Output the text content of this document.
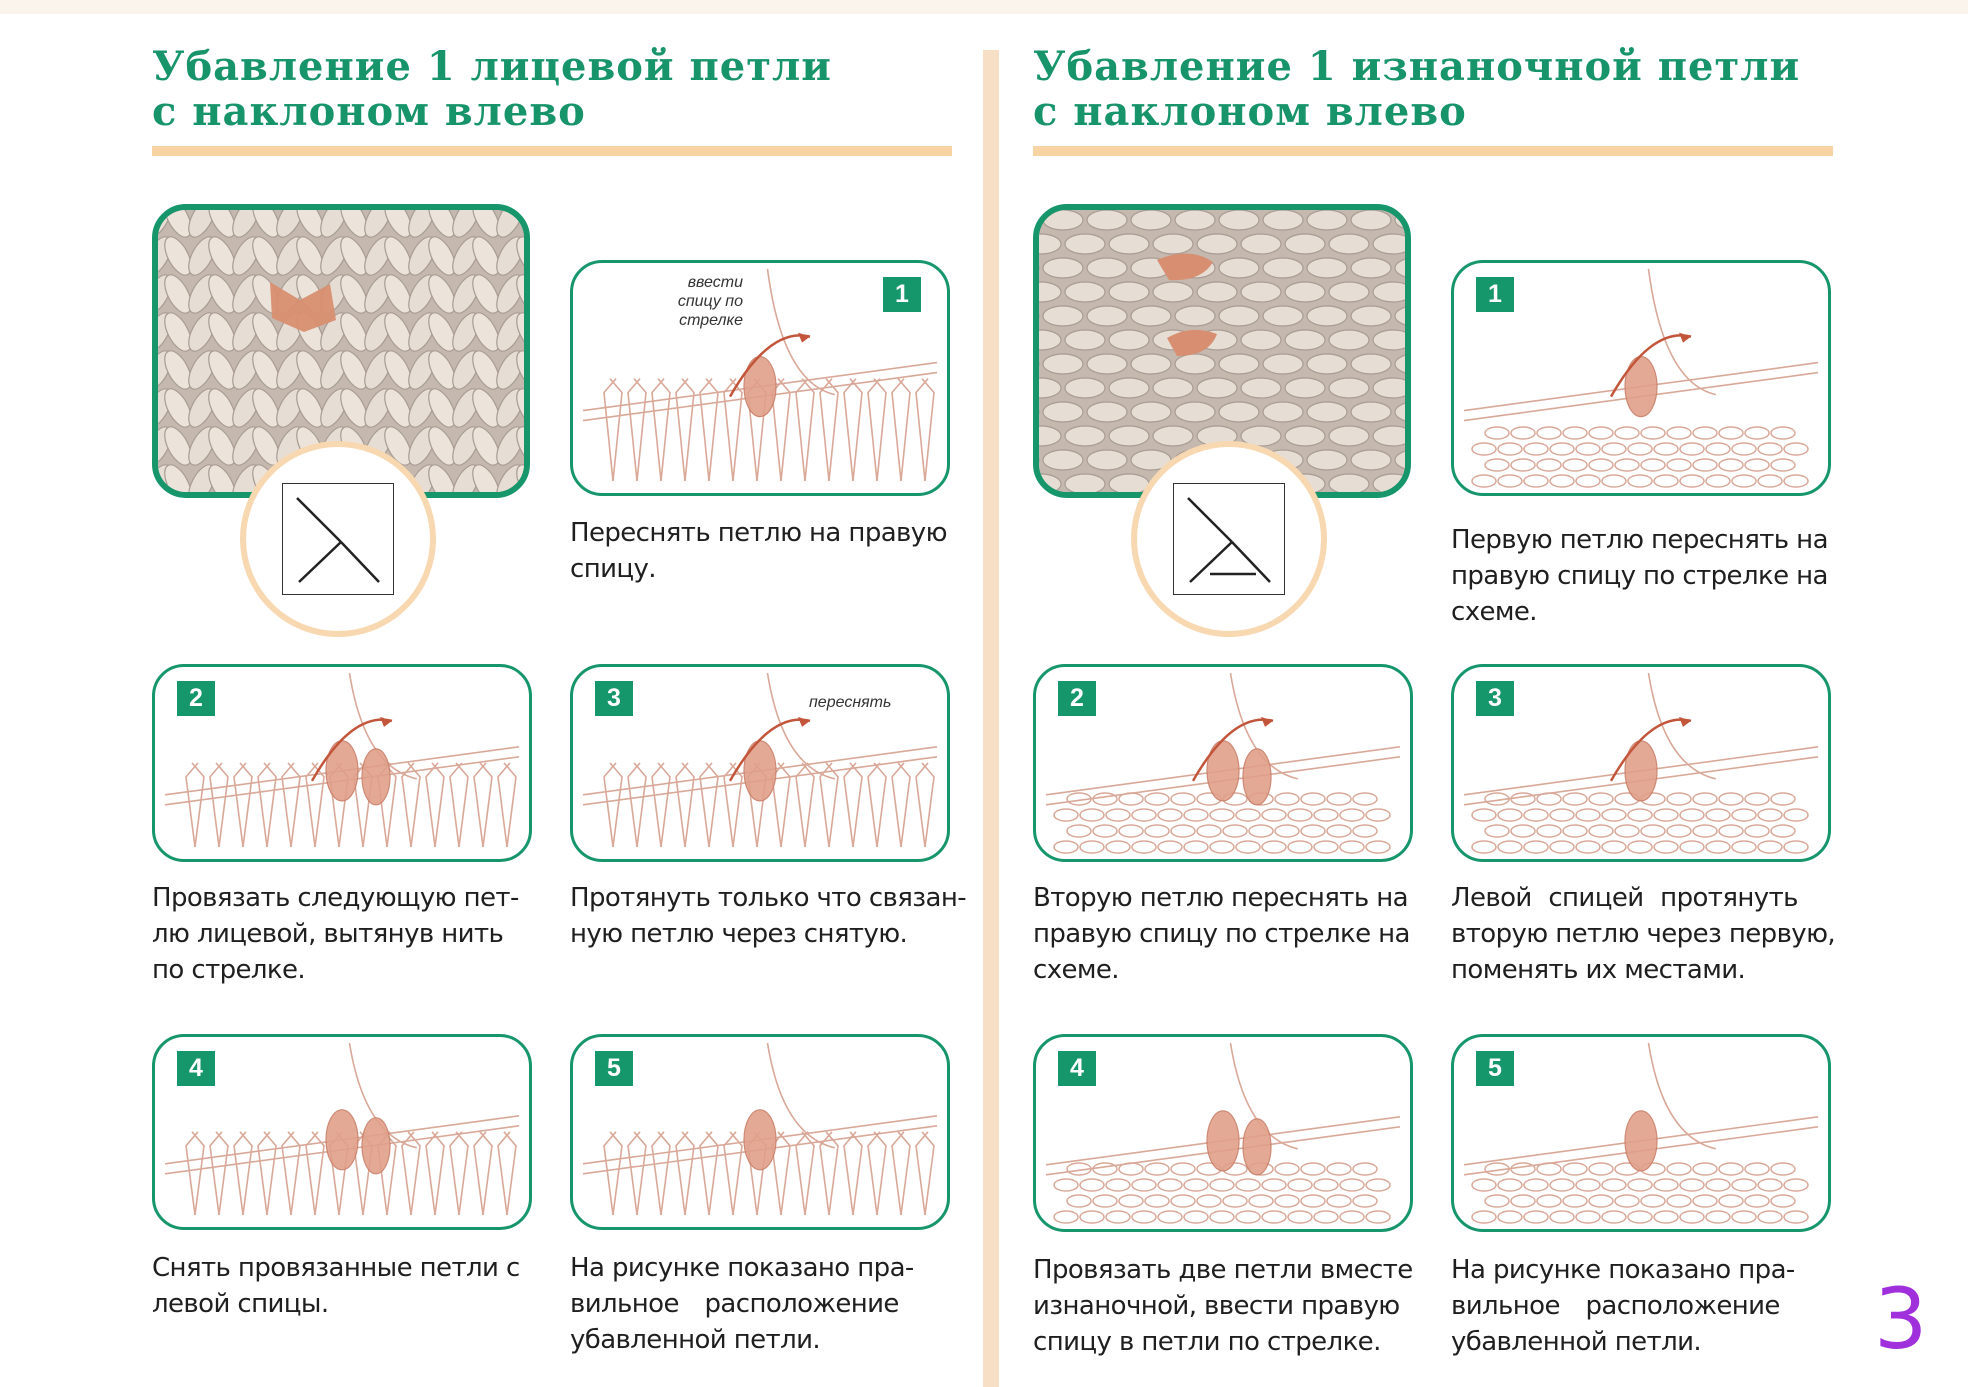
Убавление 1 лицевой петли
с наклоном влево
1
ввести
спицу по
стрелке

Переснять петлю на правую
спицу.

2

Провязать следующую пет-
лю лицевой, вытянув нить
по стрелке.

3	переснять

Протянуть только что связан-
ную петлю через снятую.

4

Снять провязанные петли с
левой спицы.

5

На рисунке показано пра-
вильное расположение
убавленной петли.

Убавление 1 изнаночной петли
с наклоном влево
1

Первую петлю переснять на
правую спицу по стрелке на
схеме.

2

Вторую петлю переснять на
правую спицу по стрелке на
схеме.

3

Левой спицей протянуть
вторую петлю через первую,
поменять их местами.

4

Провязать две петли вместе
изнаночной, ввести правую
спицу в петли по стрелке.

5

На рисунке показано пра-
вильное расположение
убавленной петли.	3
